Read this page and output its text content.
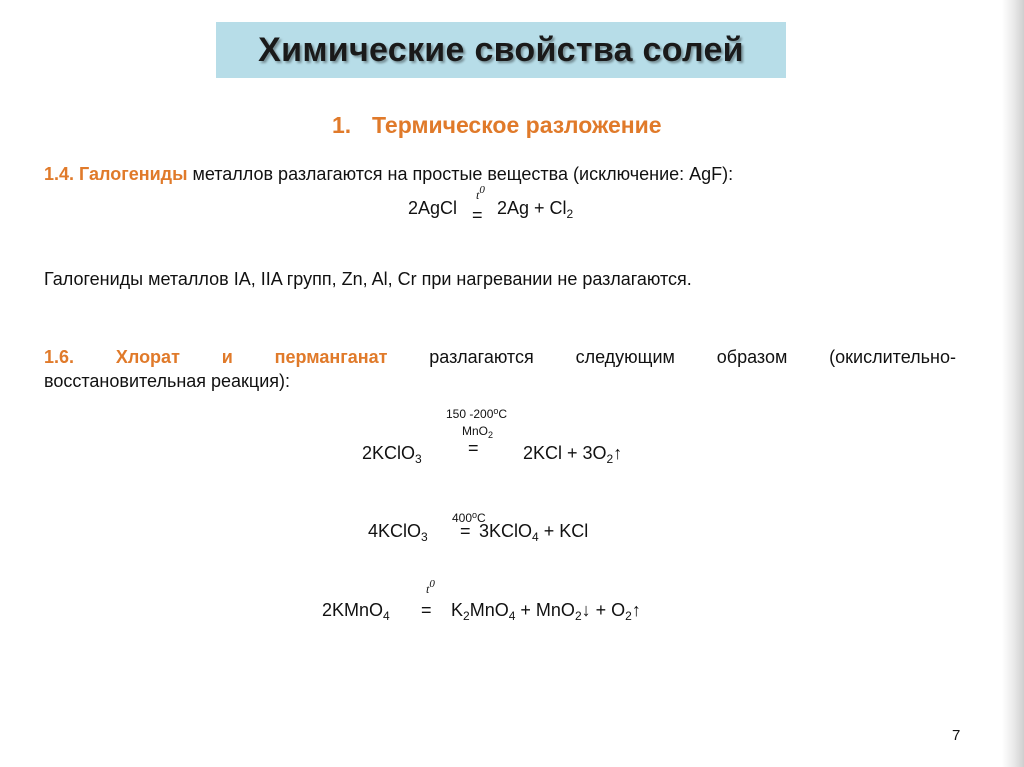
Химические свойства солей
1. Термическое разложение
1.4. Галогениды металлов разлагаются на простые вещества (исключение: AgF):
2AgCl
$t^0$
= $2Ag + Cl_2$
Галогениды металлов IA, IIA групп, Zn, Al, Cr при нагревании не разлагаются.
1.6. Хлорат и перманганат разлагаются следующим образом (окислительно-
восстановительная реакция):
150 -200$^o$C
MnO$_2$
2KClO$_3$
= $2KCl + 3O_2↑$
400$^o$C
4KClO$_3$ = 3KClO$_4$ + KCl
$t^0$
2KMnO$_4$ = $K_2MnO_4$ + MnO$_2$↓ + $O_2↑$
7
